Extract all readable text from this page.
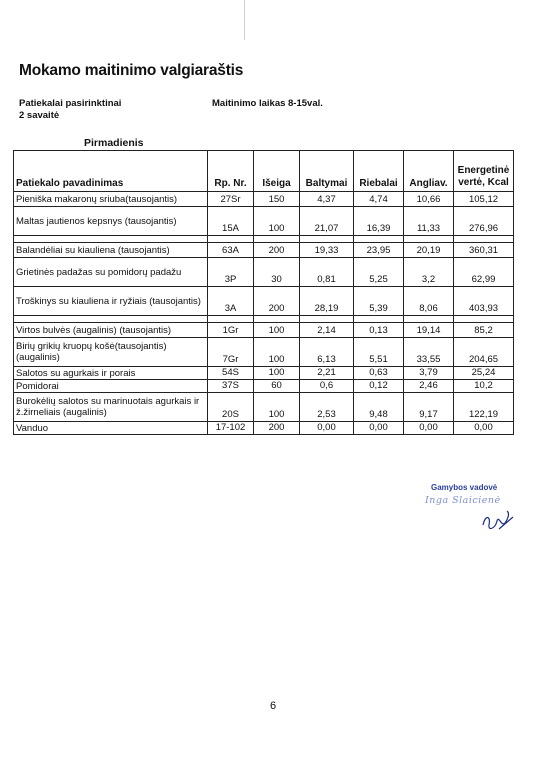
Mokamo maitinimo valgiaraštis
Patiekalai pasirinktinai
2 savaitė
Maitinimo laikas 8-15val.
Pirmadienis
Patiekalo pavadinimas	Rp. Nr.	Išeiga	Baltymai	Riebalai	Angliav.	Energetinė
vertė, Kcal
Pieniška makaronų sriuba(tausojantis)	27Sr	150	4,37	4,74	10,66	105,12
Maltas jautienos kepsnys (tausojantis)	15A	100	21,07	16,39	11,33	276,96

Balandėliai su kiauliena (tausojantis)	63A	200	19,33	23,95	20,19	360,31
Grietinės padažas su pomidorų padažu	3P	30	0,81	5,25	3,2	62,99
Troškinys su kiauliena ir ryžiais (tausojantis)	3A	200	28,19	5,39	8,06	403,93

Virtos bulvės (augalinis) (tausojantis)	1Gr	100	2,14	0,13	19,14	85,2
Birių grikių kruopų košė(tausojantis)(augalinis)	7Gr	100	6,13	5,51	33,55	204,65
Salotos su agurkais ir porais	54S	100	2,21	0,63	3,79	25,24
Pomidorai	37S	60	0,6	0,12	2,46	10,2
Burokėlių salotos su marinuotais agurkais ir ž.žirneliais (augalinis)	20S	100	2,53	9,48	9,17	122,19
Vanduo	17-102	200	0,00	0,00	0,00	0,00
Gamybos vadovė
Inga Slaicienė
6
